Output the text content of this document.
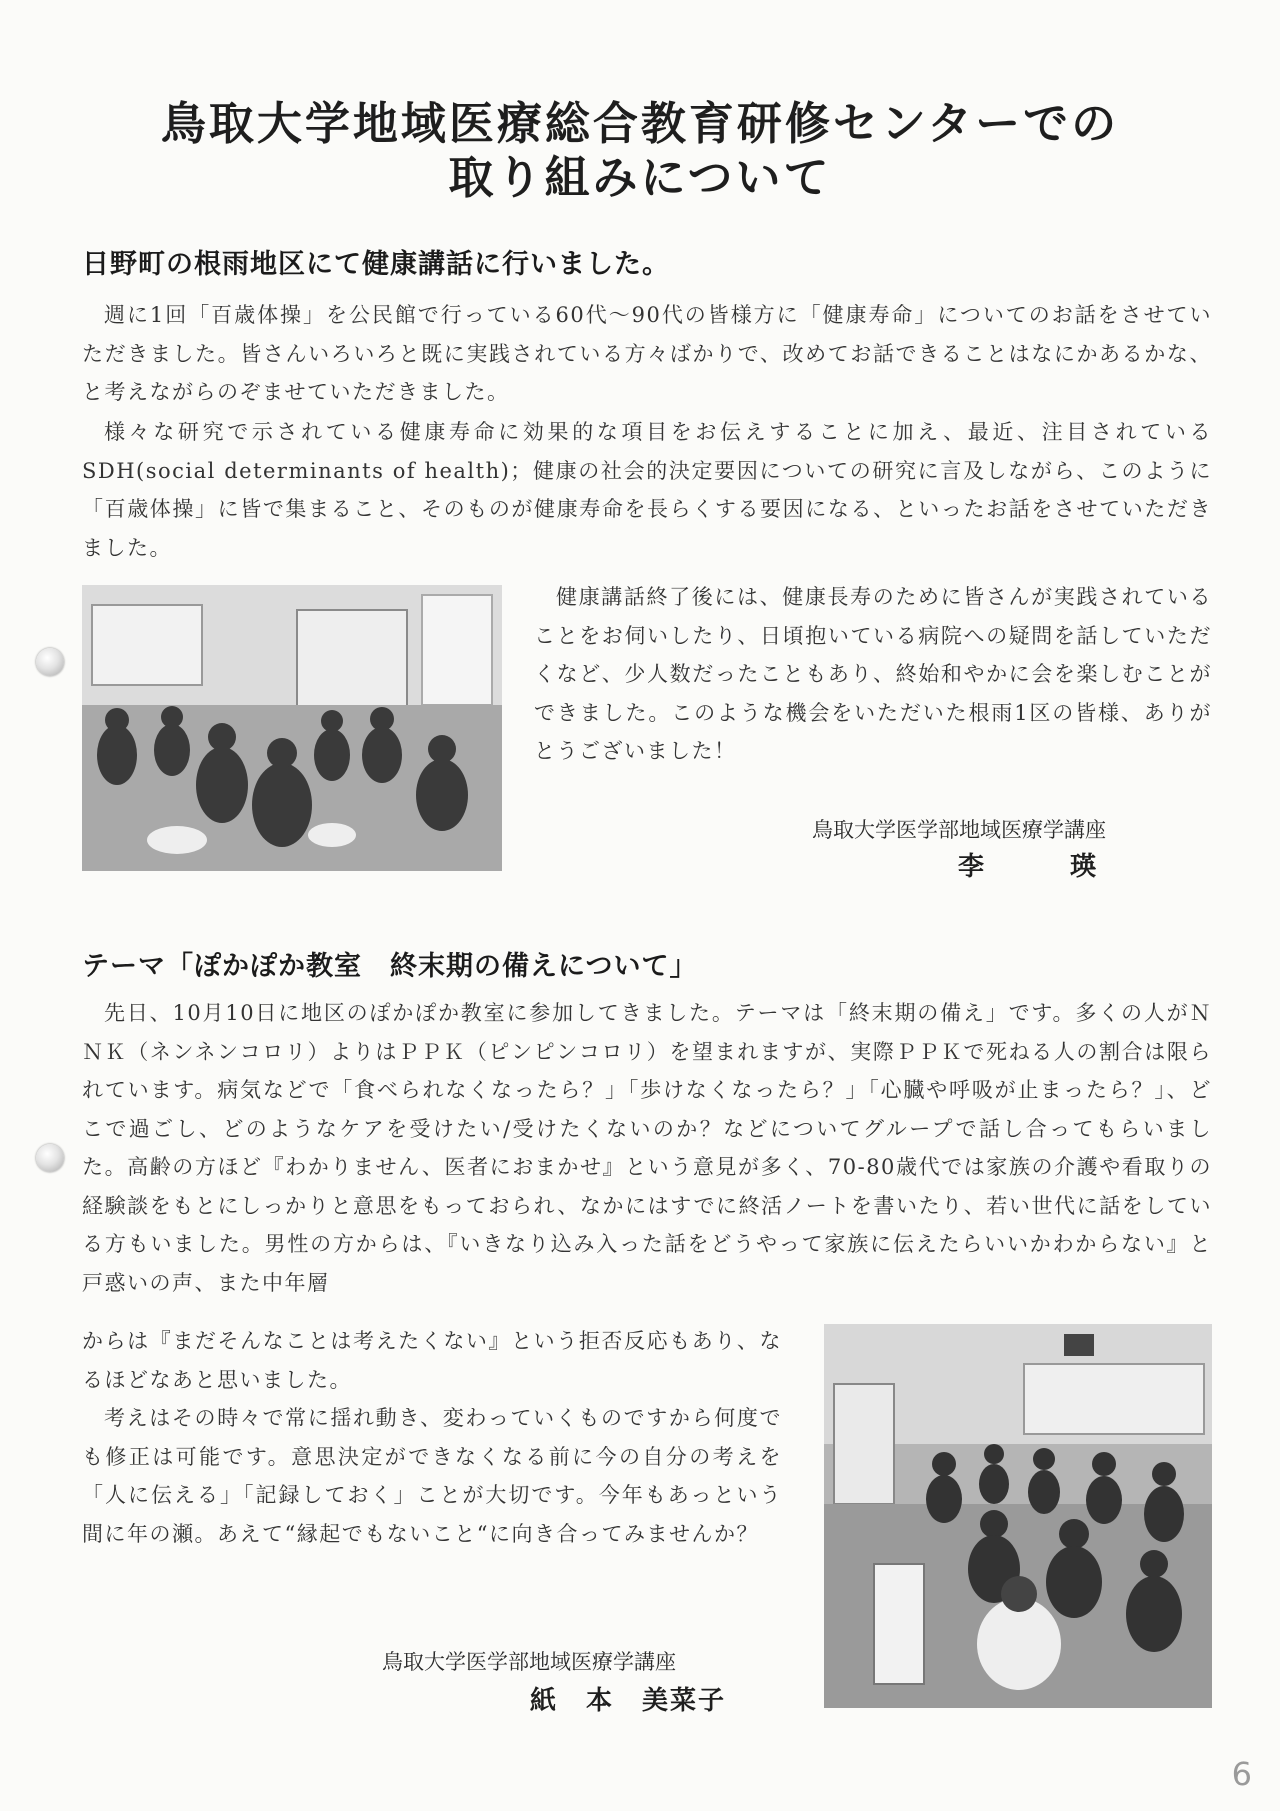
鳥取大学地域医療総合教育研修センターでの
取り組みについて
日野町の根雨地区にて健康講話に行いました。

週に1回「百歳体操」を公民館で行っている60代～90代の皆様方に「健康寿命」についてのお話をさせていただきました。皆さんいろいろと既に実践されている方々ばかりで、改めてお話できることはなにかあるかな、と考えながらのぞませていただきました。

様々な研究で示されている健康寿命に効果的な項目をお伝えすることに加え、最近、注目されているSDH(social determinants of health)；健康の社会的決定要因についての研究に言及しながら、このように「百歳体操」に皆で集まること、そのものが健康寿命を長らくする要因になる、といったお話をさせていただきました。

健康講話終了後には、健康長寿のために皆さんが実践されていることをお伺いしたり、日頃抱いている病院への疑問を話していただくなど、少人数だったこともあり、終始和やかに会を楽しむことができました。このような機会をいただいた根雨1区の皆様、ありがとうございました！

鳥取大学医学部地域医療学講座
李　　　瑛
テーマ「ぽかぽか教室　終末期の備えについて」

先日、10月10日に地区のぽかぽか教室に参加してきました。テーマは「終末期の備え」です。多くの人がＮＮＫ（ネンネンコロリ）よりはＰＰＫ（ピンピンコロリ）を望まれますが、実際ＰＰＫで死ねる人の割合は限られています。病気などで「食べられなくなったら？」「歩けなくなったら？」「心臓や呼吸が止まったら？」、どこで過ごし、どのようなケアを受けたい/受けたくないのか？などについてグループで話し合ってもらいました。高齢の方ほど『わかりません、医者におまかせ』という意見が多く、70-80歳代では家族の介護や看取りの経験談をもとにしっかりと意思をもっておられ、なかにはすでに終活ノートを書いたり、若い世代に話をしている方もいました。男性の方からは、『いきなり込み入った話をどうやって家族に伝えたらいいかわからない』と戸惑いの声、また中年層

からは『まだそんなことは考えたくない』という拒否反応もあり、なるほどなあと思いました。

考えはその時々で常に揺れ動き、変わっていくものですから何度でも修正は可能です。意思決定ができなくなる前に今の自分の考えを「人に伝える」「記録しておく」ことが大切です。今年もあっという間に年の瀬。あえて“縁起でもないこと“に向き合ってみませんか？

鳥取大学医学部地域医療学講座
紙　本　美菜子
6
